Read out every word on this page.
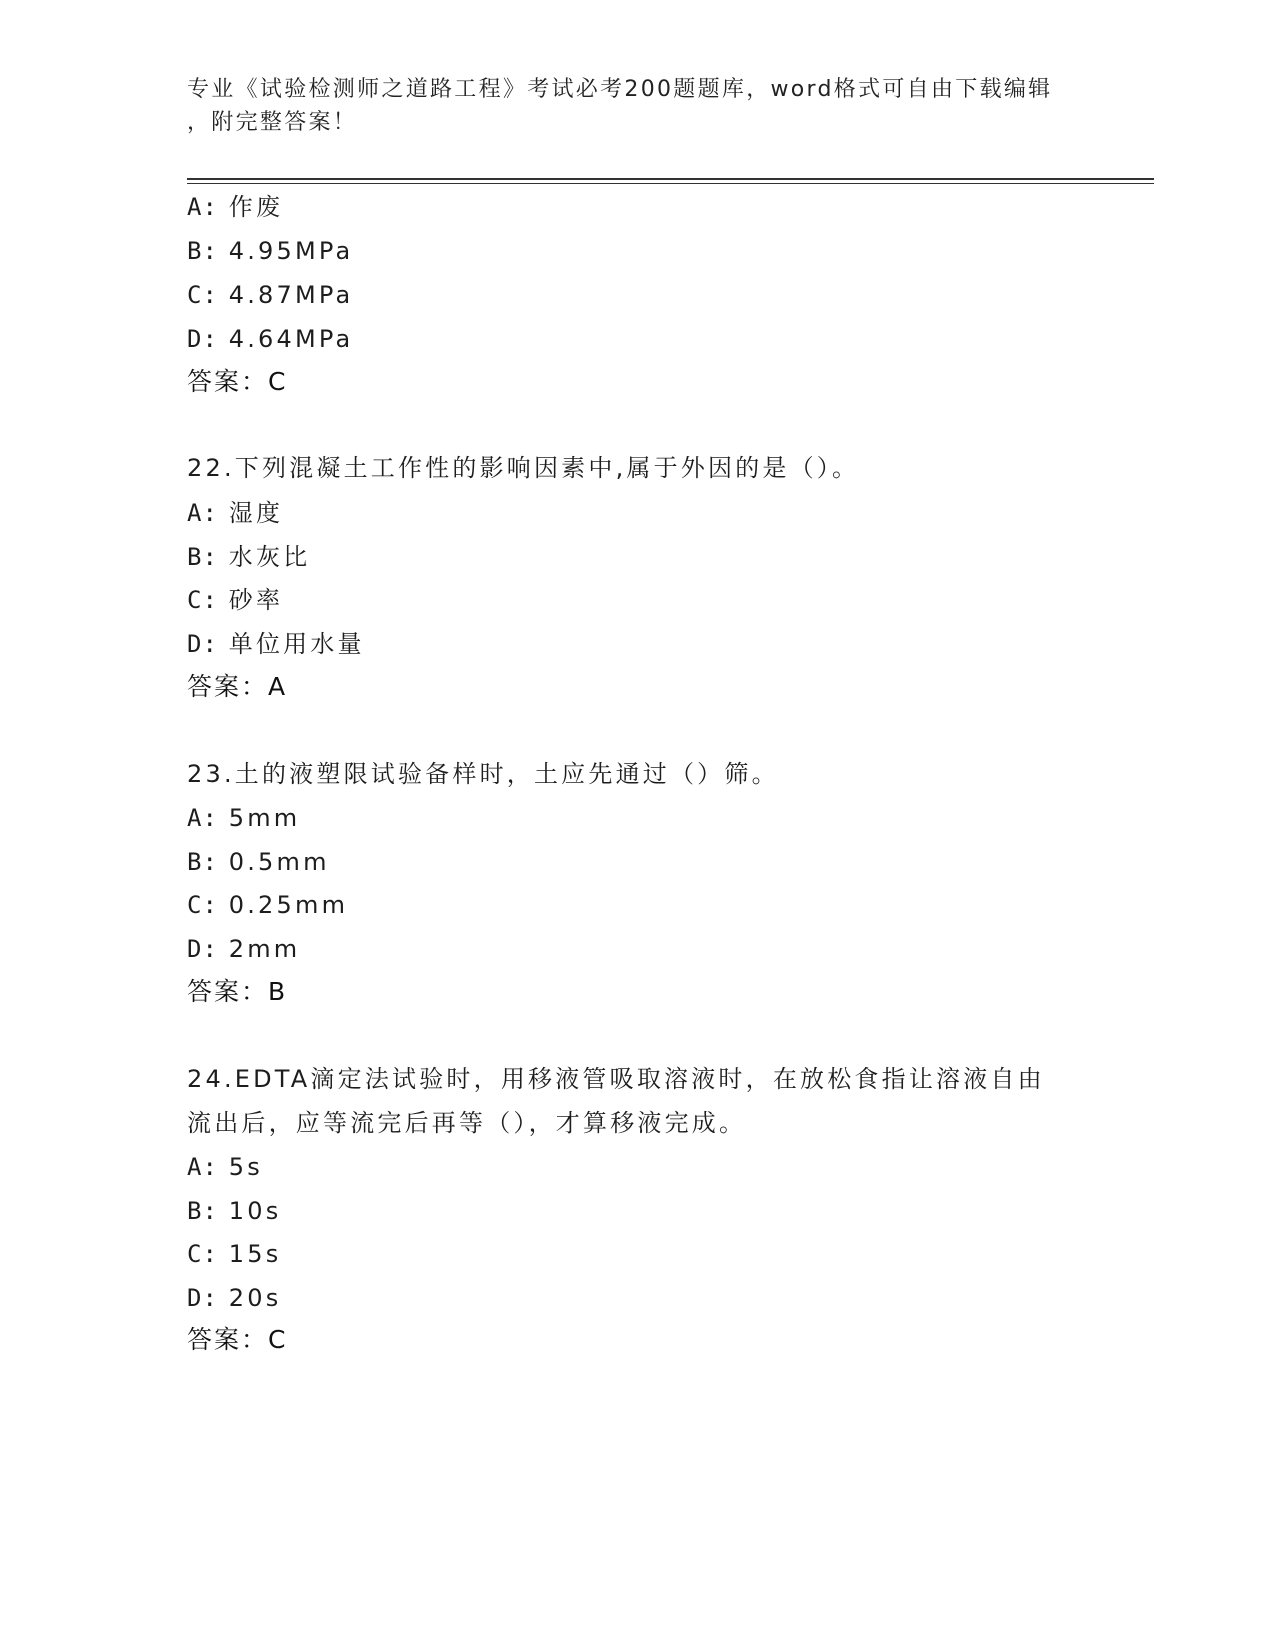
专业《试验检测师之道路工程》考试必考200题题库，word格式可自由下载编辑
，附完整答案！
A: 作废
B: 4.95MPa
C: 4.87MPa
D: 4.64MPa
答案：C
22.下列混凝土工作性的影响因素中,属于外因的是（）。
A: 湿度
B: 水灰比
C: 砂率
D: 单位用水量
答案：A
23.土的液塑限试验备样时，土应先通过（）筛。
A: 5mm
B: 0.5mm
C: 0.25mm
D: 2mm
答案：B
24.EDTA滴定法试验时，用移液管吸取溶液时，在放松食指让溶液自由
流出后，应等流完后再等（），才算移液完成。
A: 5s
B: 10s
C: 15s
D: 20s
答案：C
